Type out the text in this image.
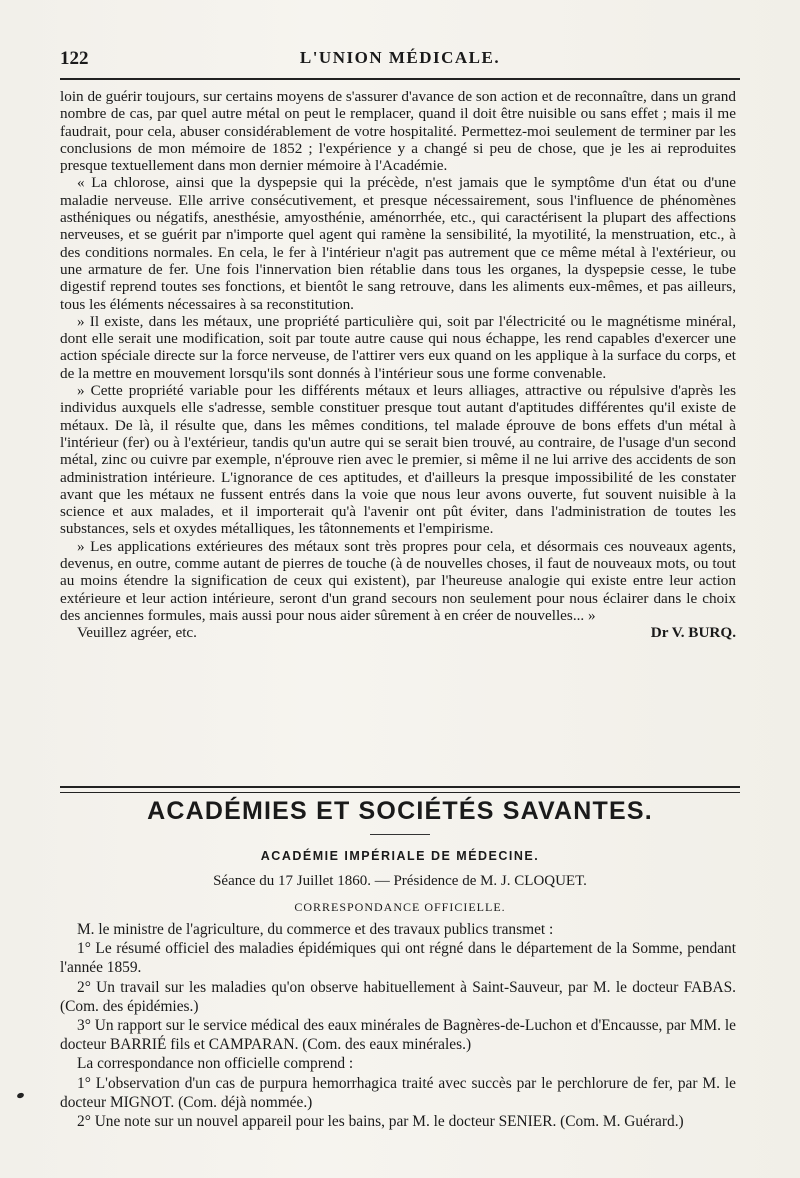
122	L'UNION MÉDICALE.

loin de guérir toujours, sur certains moyens de s'assurer d'avance de son action et de reconnaître, dans un grand nombre de cas, par quel autre métal on peut le remplacer, quand il doit être nuisible ou sans effet ; mais il me faudrait, pour cela, abuser considérablement de votre hospitalité. Permettez-moi seulement de terminer par les conclusions de mon mémoire de 1852 ; l'expérience y a changé si peu de chose, que je les ai reproduites presque textuellement dans mon dernier mémoire à l'Académie.

« La chlorose, ainsi que la dyspepsie qui la précède, n'est jamais que le symptôme d'un état ou d'une maladie nerveuse. Elle arrive consécutivement, et presque nécessairement, sous l'influence de phénomènes asthéniques ou négatifs, anesthésie, amyosthénie, aménorrhée, etc., qui caractérisent la plupart des affections nerveuses, et se guérit par n'importe quel agent qui ramène la sensibilité, la myotilité, la menstruation, etc., à des conditions normales. En cela, le fer à l'intérieur n'agit pas autrement que ce même métal à l'extérieur, ou une armature de fer. Une fois l'innervation bien rétablie dans tous les organes, la dyspepsie cesse, le tube digestif reprend toutes ses fonctions, et bientôt le sang retrouve, dans les aliments eux-mêmes, et pas ailleurs, tous les éléments nécessaires à sa reconstitution.

» Il existe, dans les métaux, une propriété particulière qui, soit par l'électricité ou le magnétisme minéral, dont elle serait une modification, soit par toute autre cause qui nous échappe, les rend capables d'exercer une action spéciale directe sur la force nerveuse, de l'attirer vers eux quand on les applique à la surface du corps, et de la mettre en mouvement lorsqu'ils sont donnés à l'intérieur sous une forme convenable.

» Cette propriété variable pour les différents métaux et leurs alliages, attractive ou répulsive d'après les individus auxquels elle s'adresse, semble constituer presque tout autant d'aptitudes différentes qu'il existe de métaux. De là, il résulte que, dans les mêmes conditions, tel malade éprouve de bons effets d'un métal à l'intérieur (fer) ou à l'extérieur, tandis qu'un autre qui se serait bien trouvé, au contraire, de l'usage d'un second métal, zinc ou cuivre par exemple, n'éprouve rien avec le premier, si même il ne lui arrive des accidents de son administration intérieure. L'ignorance de ces aptitudes, et d'ailleurs la presque impossibilité de les constater avant que les métaux ne fussent entrés dans la voie que nous leur avons ouverte, fut souvent nuisible à la science et aux malades, et il importerait qu'à l'avenir ont pût éviter, dans l'administration de toutes les substances, sels et oxydes métalliques, les tâtonnements et l'empirisme.

» Les applications extérieures des métaux sont très propres pour cela, et désormais ces nouveaux agents, devenus, en outre, comme autant de pierres de touche (à de nouvelles choses, il faut de nouveaux mots, ou tout au moins étendre la signification de ceux qui existent), par l'heureuse analogie qui existe entre leur action extérieure et leur action intérieure, seront d'un grand secours non seulement pour nous éclairer dans le choix des anciennes formules, mais aussi pour nous aider sûrement à en créer de nouvelles... »

Veuillez agréer, etc.	Dr V. BURQ.
ACADÉMIES ET SOCIÉTÉS SAVANTES.
ACADÉMIE IMPÉRIALE DE MÉDECINE.
Séance du 17 Juillet 1860. — Présidence de M. J. CLOQUET.
CORRESPONDANCE OFFICIELLE.

M. le ministre de l'agriculture, du commerce et des travaux publics transmet :

1° Le résumé officiel des maladies épidémiques qui ont régné dans le département de la Somme, pendant l'année 1859.

2° Un travail sur les maladies qu'on observe habituellement à Saint-Sauveur, par M. le docteur FABAS. (Com. des épidémies.)

3° Un rapport sur le service médical des eaux minérales de Bagnères-de-Luchon et d'Encausse, par MM. le docteur BARRIÉ fils et CAMPARAN. (Com. des eaux minérales.)

La correspondance non officielle comprend :

1° L'observation d'un cas de purpura hemorrhagica traité avec succès par le perchlorure de fer, par M. le docteur MIGNOT. (Com. déjà nommée.)

2° Une note sur un nouvel appareil pour les bains, par M. le docteur SENIER. (Com. M. Guérard.)
